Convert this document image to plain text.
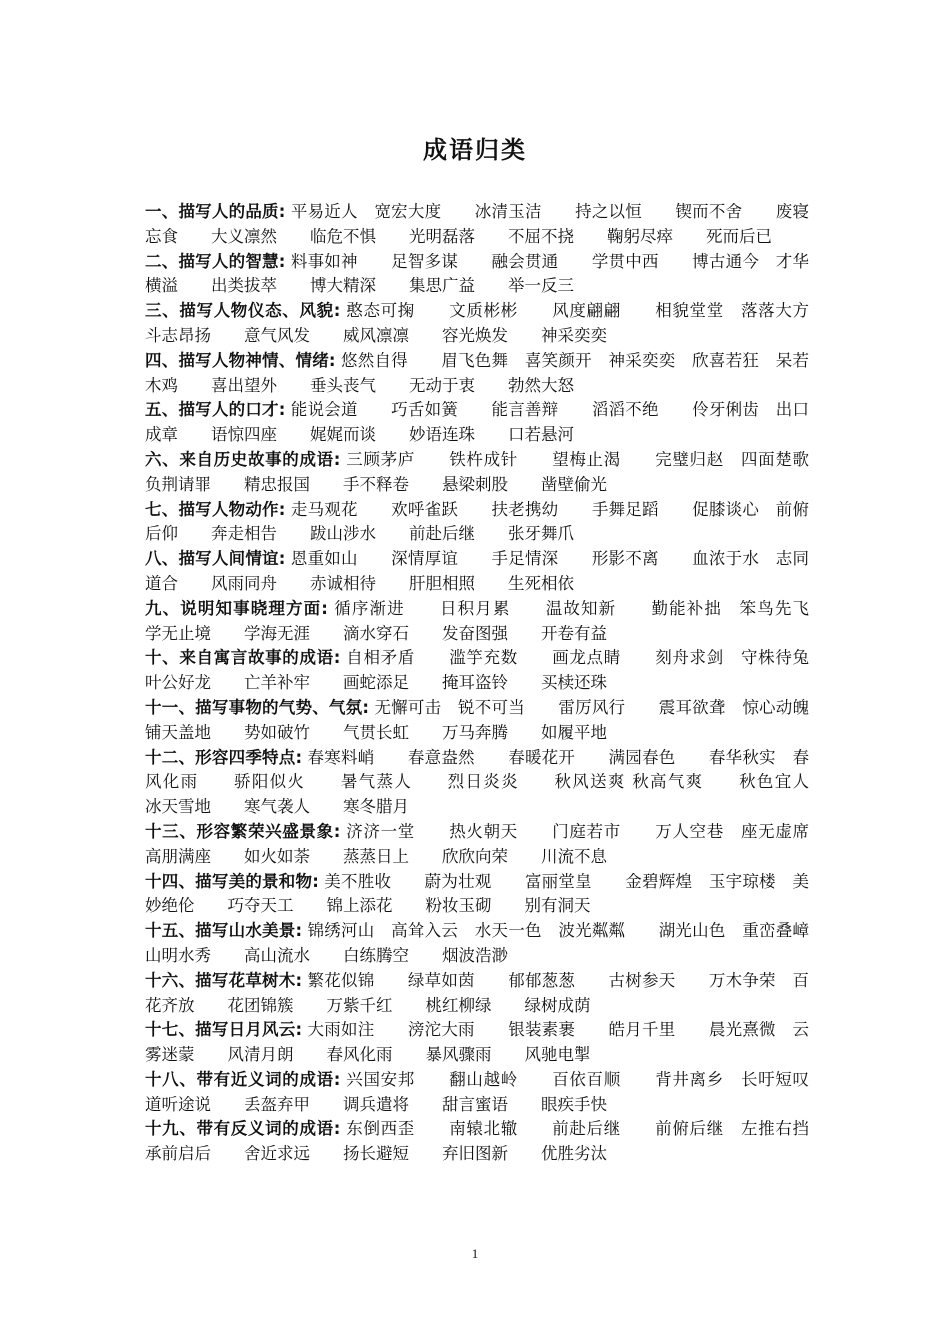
成语归类
一、描写人的品质: 平易近人　宽宏大度　　冰清玉洁　　持之以恒　　锲而不舍　　废寝忘食　　大义凛然　　临危不惧　　光明磊落　　不屈不挠　　鞠躬尽瘁　　死而后已
二、描写人的智慧: 料事如神　　足智多谋　　融会贯通　　学贯中西　　博古通今　才华横溢　　出类拔萃　　博大精深　　集思广益　　举一反三
三、描写人物仪态、风貌: 憨态可掬　　文质彬彬　　风度翩翩　　相貌堂堂　落落大方　　斗志昂扬　　意气风发　　威风凛凛　　容光焕发　　神采奕奕
四、描写人物神情、情绪: 悠然自得　　眉飞色舞　喜笑颜开　神采奕奕　欣喜若狂　呆若木鸡　　喜出望外　　垂头丧气　　无动于衷　　勃然大怒
五、描写人的口才: 能说会道　　巧舌如簧　　能言善辩　　滔滔不绝　　伶牙俐齿　出口成章　　语惊四座　　娓娓而谈　　妙语连珠　　口若悬河
六、来自历史故事的成语: 三顾茅庐　　铁杵成针　　望梅止渴　　完璧归赵　四面楚歌　　负荆请罪　　精忠报国　　手不释卷　　悬梁刺股　　凿壁偷光
七、描写人物动作: 走马观花　　欢呼雀跃　　扶老携幼　　手舞足蹈　　促膝谈心　前俯后仰　　奔走相告　　跋山涉水　　前赴后继　　张牙舞爪
八、描写人间情谊: 恩重如山　　深情厚谊　　手足情深　　形影不离　　血浓于水　志同道合　　风雨同舟　　赤诚相待　　肝胆相照　　生死相依
九、说明知事晓理方面: 循序渐进　　日积月累　　温故知新　　勤能补拙　笨鸟先飞　　　学无止境　　学海无涯　　滴水穿石　　发奋图强　　开卷有益
十、来自寓言故事的成语: 自相矛盾　　滥竽充数　　画龙点睛　　刻舟求剑　守株待兔　　叶公好龙　　亡羊补牢　　画蛇添足　　掩耳盗铃　　买椟还珠
十一、描写事物的气势、气氛: 无懈可击　锐不可当　　雷厉风行　　震耳欲聋　惊心动魄　铺天盖地　　势如破竹　　气贯长虹　　万马奔腾　　如履平地
十二、形容四季特点: 春寒料峭　　春意盎然　　春暖花开　　满园春色　　春华秋实　春风化雨　　骄阳似火　　暑气蒸人　　烈日炎炎　　秋风送爽 秋高气爽　　秋色宜人　　冰天雪地　　寒气袭人　　寒冬腊月
十三、形容繁荣兴盛景象: 济济一堂　　热火朝天　　门庭若市　　万人空巷　座无虚席　高朋满座　　如火如荼　　蒸蒸日上　　欣欣向荣　　川流不息
十四、描写美的景和物: 美不胜收　　蔚为壮观　　富丽堂皇　　金碧辉煌　玉宇琼楼　美妙绝伦　　巧夺天工　　锦上添花　　粉妆玉砌　　别有洞天
十五、描写山水美景: 锦绣河山　高耸入云　水天一色　波光粼粼　　湖光山色　重峦叠嶂　　山明水秀　　高山流水　　白练腾空　　烟波浩渺
十六、描写花草树木: 繁花似锦　　绿草如茵　　郁郁葱葱　　古树参天　　万木争荣　百花齐放　　花团锦簇　　万紫千红　　桃红柳绿　　绿树成荫
十七、描写日月风云: 大雨如注　　滂沱大雨　　银装素裹　　皓月千里　　晨光熹微　云雾迷蒙　　风清月朗　　春风化雨　　暴风骤雨　　风驰电掣
十八、带有近义词的成语: 兴国安邦　　翻山越岭　　百依百顺　　背井离乡　长吁短叹　道听途说　　丢盔弃甲　　调兵遣将　　甜言蜜语　　眼疾手快
十九、带有反义词的成语: 东倒西歪　　南辕北辙　　前赴后继　　前俯后继　左推右挡　承前启后　　舍近求远　　扬长避短　　弃旧图新　　优胜劣汰
1
